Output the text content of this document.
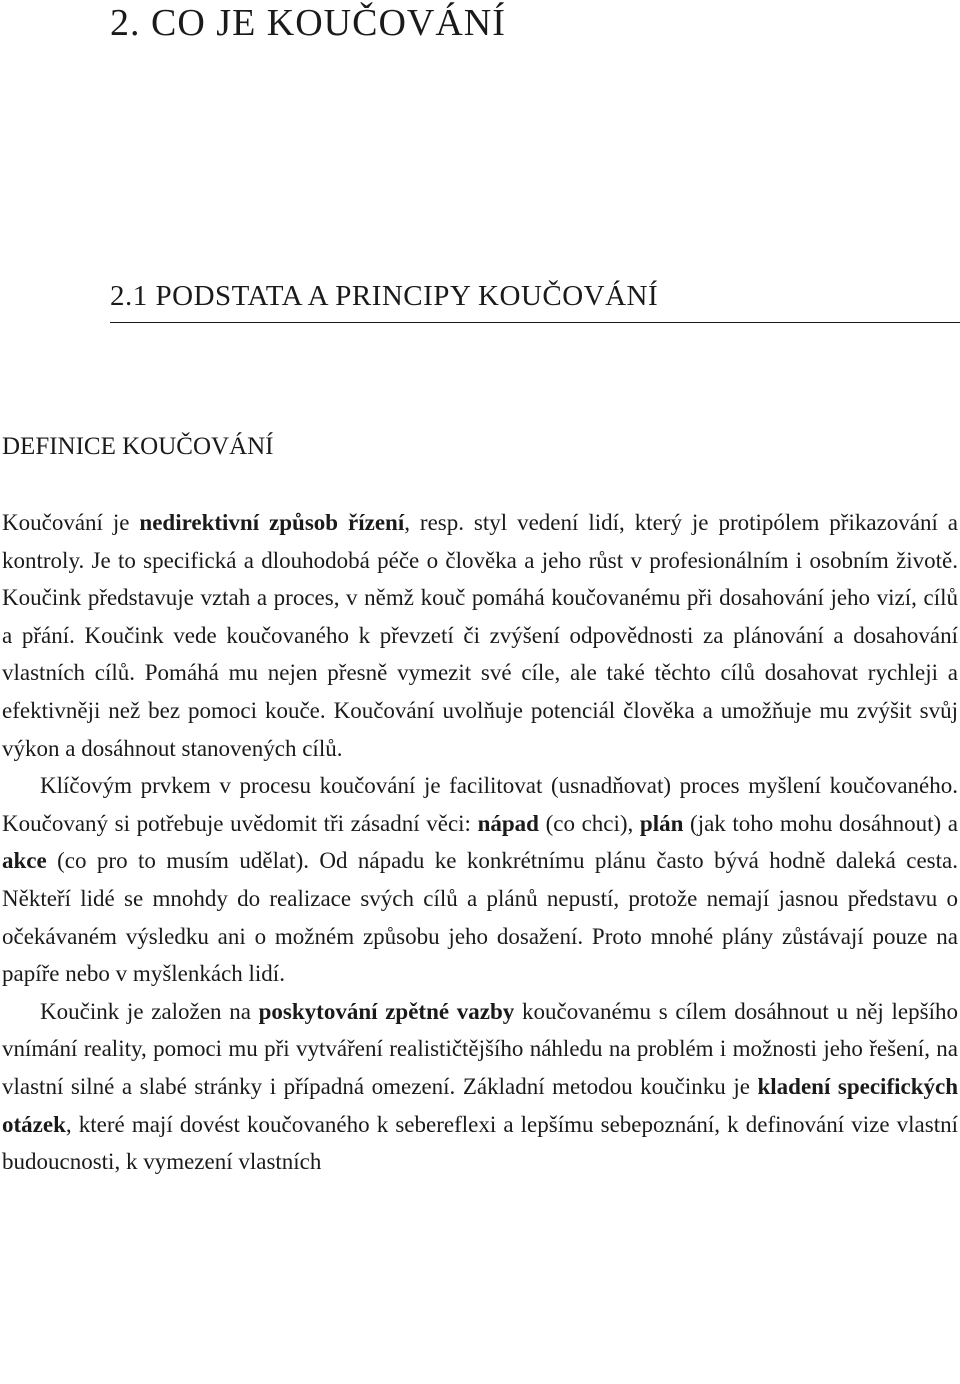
2. CO JE KOUČOVÁNÍ
2.1 PODSTATA A PRINCIPY KOUČOVÁNÍ
DEFINICE KOUČOVÁNÍ

Koučování je nedirektivní způsob řízení, resp. styl vedení lidí, který je protipólem přikazování a kontroly. Je to specifická a dlouhodobá péče o člověka a jeho růst v profesionálním i osobním životě. Koučink představuje vztah a proces, v němž kouč pomáhá koučovanému při dosahování jeho vizí, cílů a přání. Koučink vede koučovaného k převzetí či zvýšení odpovědnosti za plánování a dosahování vlastních cílů. Pomáhá mu nejen přesně vymezit své cíle, ale také těchto cílů dosahovat rychleji a efektivněji než bez pomoci kouče. Koučování uvolňuje potenciál člověka a umožňuje mu zvýšit svůj výkon a dosáhnout stanovených cílů.

Klíčovým prvkem v procesu koučování je facilitovat (usnadňovat) proces myšlení koučovaného. Koučovaný si potřebuje uvědomit tři zásadní věci: nápad (co chci), plán (jak toho mohu dosáhnout) a akce (co pro to musím udělat). Od nápadu ke konkrétnímu plánu často bývá hodně daleká cesta. Někteří lidé se mnohdy do realizace svých cílů a plánů nepustí, protože nemají jasnou představu o očekávaném výsledku ani o možném způsobu jeho dosažení. Proto mnohé plány zůstávají pouze na papíře nebo v myšlenkách lidí.

Koučink je založen na poskytování zpětné vazby koučovanému s cílem dosáhnout u něj lepšího vnímání reality, pomoci mu při vytváření realističtějšího náhledu na problém i možnosti jeho řešení, na vlastní silné a slabé stránky i případná omezení. Základní metodou koučinku je kladení specifických otázek, které mají dovést koučovaného k sebereflexi a lepšímu sebepoznání, k definování vize vlastní budoucnosti, k vymezení vlastních
